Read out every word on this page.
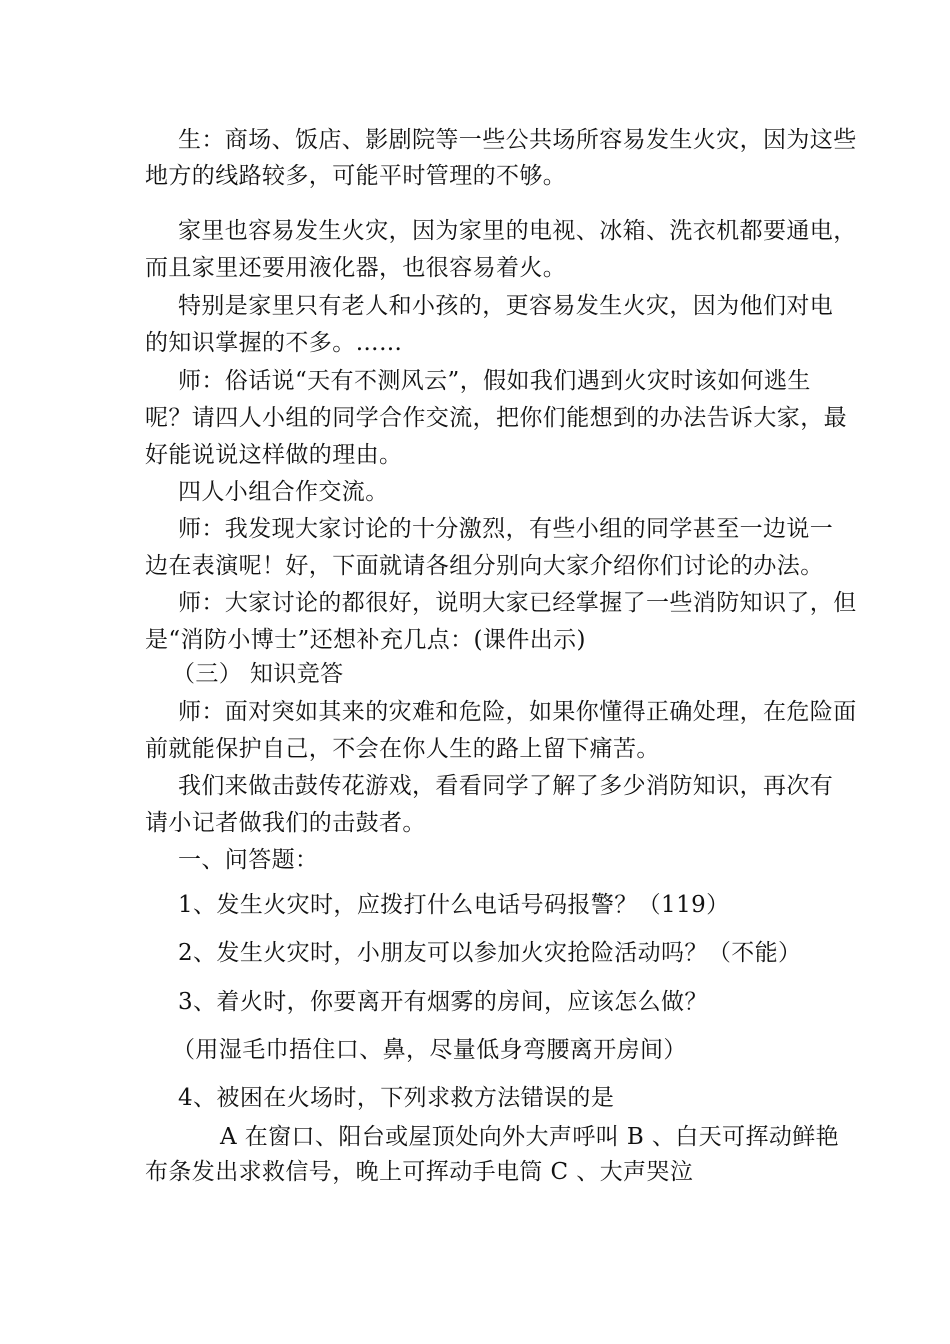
生：商场、饭店、影剧院等一些公共场所容易发生火灾，因为这些
地方的线路较多，可能平时管理的不够。
家里也容易发生火灾，因为家里的电视、冰箱、洗衣机都要通电，
而且家里还要用液化器，也很容易着火。
特别是家里只有老人和小孩的，更容易发生火灾，因为他们对电
的知识掌握的不多。……
师：俗话说“天有不测风云”，假如我们遇到火灾时该如何逃生
呢？请四人小组的同学合作交流，把你们能想到的办法告诉大家，最
好能说说这样做的理由。
四人小组合作交流。
师：我发现大家讨论的十分激烈，有些小组的同学甚至一边说一
边在表演呢！好，下面就请各组分别向大家介绍你们讨论的办法。
师：大家讨论的都很好，说明大家已经掌握了一些消防知识了，但
是“消防小博士”还想补充几点：(课件出示)
（三） 知识竞答
师：面对突如其来的灾难和危险，如果你懂得正确处理，在危险面
前就能保护自己，不会在你人生的路上留下痛苦。
我们来做击鼓传花游戏，看看同学了解了多少消防知识，再次有
请小记者做我们的击鼓者。
一、问答题：
1、发生火灾时，应拨打什么电话号码报警？（119）
2、发生火灾时，小朋友可以参加火灾抢险活动吗？（不能）
3、着火时，你要离开有烟雾的房间，应该怎么做？
（用湿毛巾捂住口、鼻，尽量低身弯腰离开房间）
4、被困在火场时，下列求救方法错误的是
A 在窗口、阳台或屋顶处向外大声呼叫 B 、白天可挥动鲜艳
布条发出求救信号，晚上可挥动手电筒 C 、大声哭泣
